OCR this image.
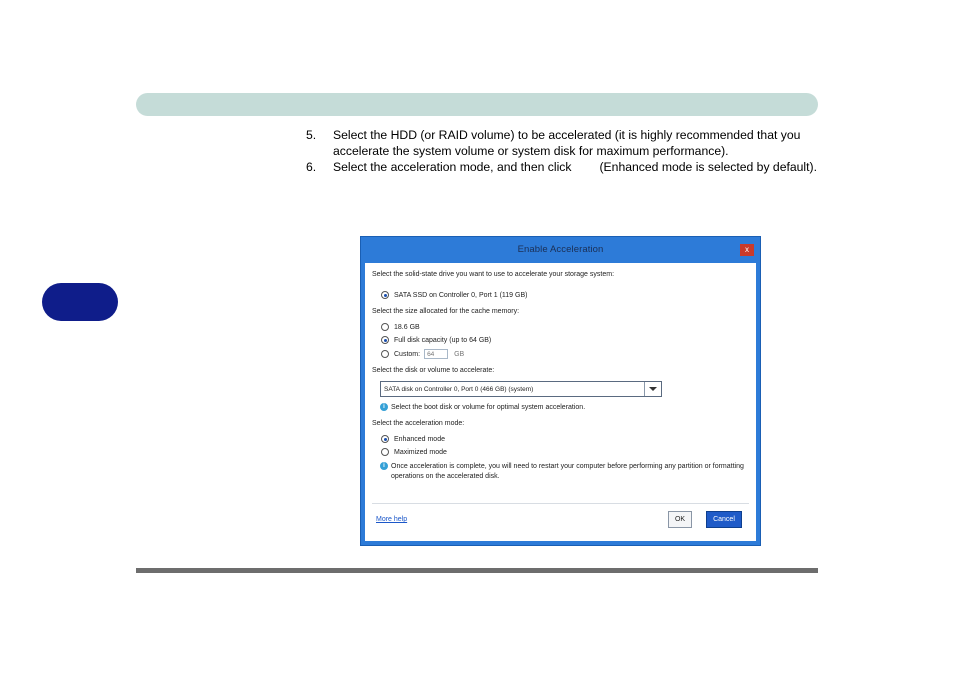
5.	Select the HDD (or RAID volume) to be accelerated (it is highly recommended that you accelerate the system volume or system disk for maximum performance).
6.	Select the acceleration mode, and then click (Enhanced mode is selected by default).
Enable Acceleration	x
Select the solid-state drive you want to use to accelerate your storage system:
SATA SSD on Controller 0, Port 1 (119 GB)
Select the size allocated for the cache memory:
18.6 GB
Full disk capacity (up to 64 GB)
Custom:	64	GB
Select the disk or volume to accelerate:
SATA disk on Controller 0, Port 0 (466 GB) (system)
i Select the boot disk or volume for optimal system acceleration.
Select the acceleration mode:
Enhanced mode
Maximized mode
i Once acceleration is complete, you will need to restart your computer before performing any partition or formatting operations on the accelerated disk.
More help	OK	Cancel
